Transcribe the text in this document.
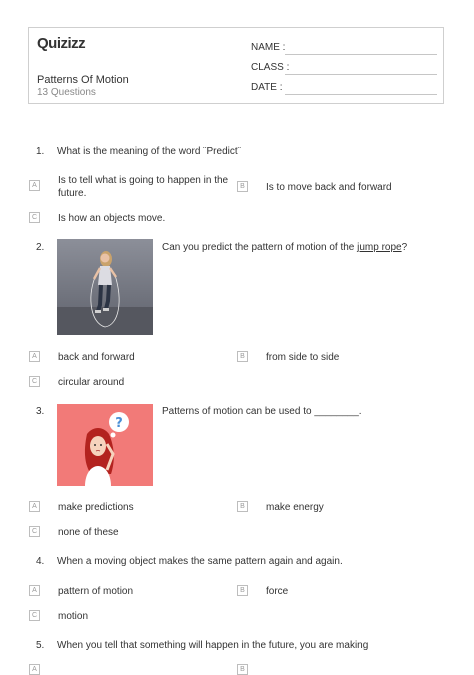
Quizizz
Patterns Of Motion
13 Questions
NAME :
CLASS :
DATE :
1. What is the meaning of the word ¨Predict¨
A	Is to tell what is going to happen in the future.
B	Is to move back and forward
C Is how an objects move.
2.	Can you predict the pattern of motion of the jump rope?
A	back and forward	B	from side to side
C circular around
3.
?
Patterns of motion can be used to ________.
A	make predictions	B	make energy
C none of these
4. When a moving object makes the same pattern again and again.
A	pattern of motion	B	force
C motion
5. When you tell that something will happen in the future, you are making
A	B
